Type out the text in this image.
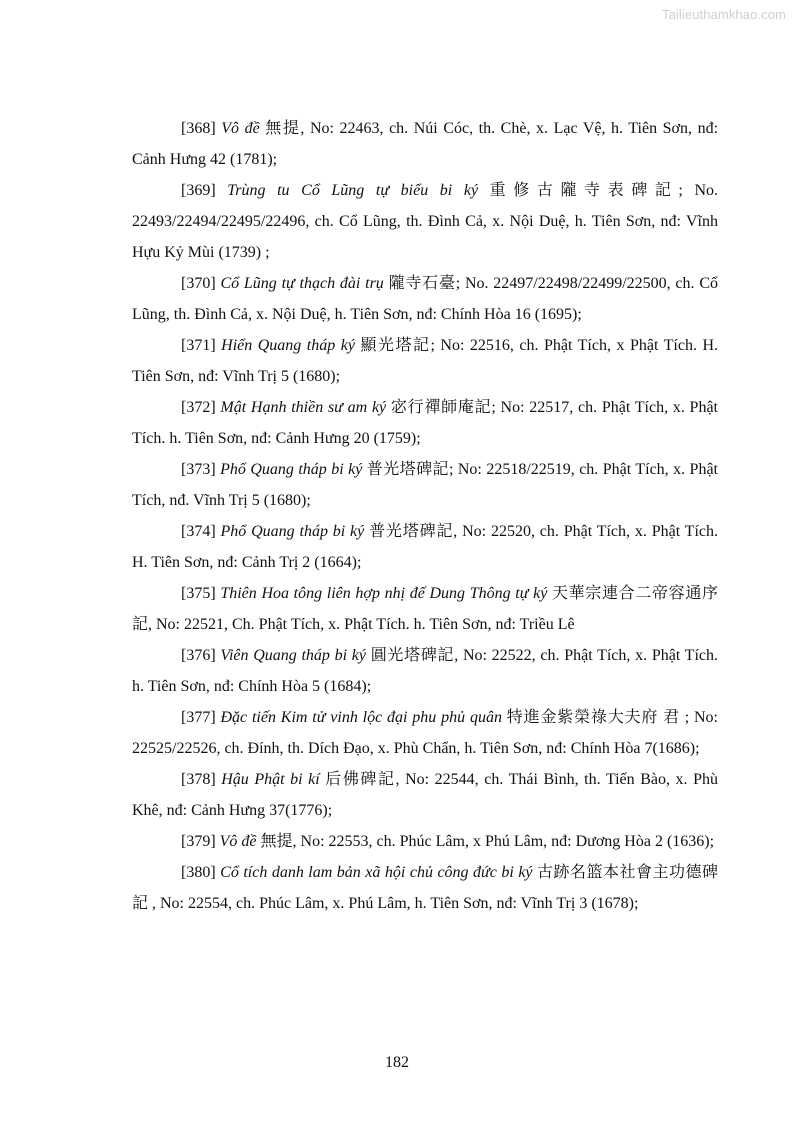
Tailieuthamkhao.com

[368] Vô đề 無提, No: 22463, ch. Núi Cóc, th. Chè, x. Lạc Vệ, h. Tiên Sơn, nđ: Cảnh Hưng 42 (1781);

[369] Trùng tu Cổ Lũng tự biểu bi ký 重修古隴寺表碑記; No. 22493/22494/22495/22496, ch. Cổ Lũng, th. Đình Cả, x. Nội Duệ, h. Tiên Sơn, nđ: Vĩnh Hựu Kỷ Mùi (1739) ;

[370] Cổ Lũng tự thạch đài trụ 隴寺石臺; No. 22497/22498/22499/22500, ch. Cổ Lũng, th. Đình Cả, x. Nội Duệ, h. Tiên Sơn, nđ: Chính Hòa 16 (1695);

[371] Hiển Quang tháp ký 顯光塔記; No: 22516, ch. Phật Tích, x Phật Tích. H. Tiên Sơn, nđ: Vĩnh Trị 5 (1680);

[372] Mật Hạnh thiền sư am ký 宓行禪師庵記; No: 22517, ch. Phật Tích, x. Phật Tích. h. Tiên Sơn, nđ: Cảnh Hưng 20 (1759);

[373] Phổ Quang tháp bi ký 普光塔碑記; No: 22518/22519, ch. Phật Tích, x. Phật Tích, nđ. Vĩnh Trị 5 (1680);

[374] Phổ Quang tháp bi ký 普光塔碑記, No: 22520, ch. Phật Tích, x. Phật Tích. H. Tiên Sơn, nđ: Cảnh Trị 2 (1664);

[375] Thiên Hoa tông liên hợp nhị đế Dung Thông tự ký 天華宗連合二帝容通序記, No: 22521, Ch. Phật Tích, x. Phật Tích. h. Tiên Sơn, nđ: Triều Lê

[376] Viên Quang tháp bi ký 圓光塔碑記, No: 22522, ch. Phật Tích, x. Phật Tích. h. Tiên Sơn, nđ: Chính Hòa 5 (1684);

[377] Đặc tiến Kim tử vinh lộc đại phu phủ quân 特進金紫榮祿大夫府 君 ; No: 22525/22526, ch. Đính, th. Dích Đạo, x. Phù Chẩn, h. Tiên Sơn, nđ: Chính Hòa 7(1686);

[378] Hậu Phật bi kí 后佛碑記, No: 22544, ch. Thái Bình, th. Tiến Bào, x. Phù Khê, nđ: Cảnh Hưng 37(1776);

[379] Vô đề 無提, No: 22553, ch. Phúc Lâm, x Phú Lâm, nđ: Dương Hòa 2 (1636);

[380] Cổ tích danh lam bản xã hội chủ công đức bi ký 古跡名篮本社會主功德碑記 , No: 22554, ch. Phúc Lâm, x. Phú Lâm, h. Tiên Sơn, nđ: Vĩnh Trị 3 (1678);

182
